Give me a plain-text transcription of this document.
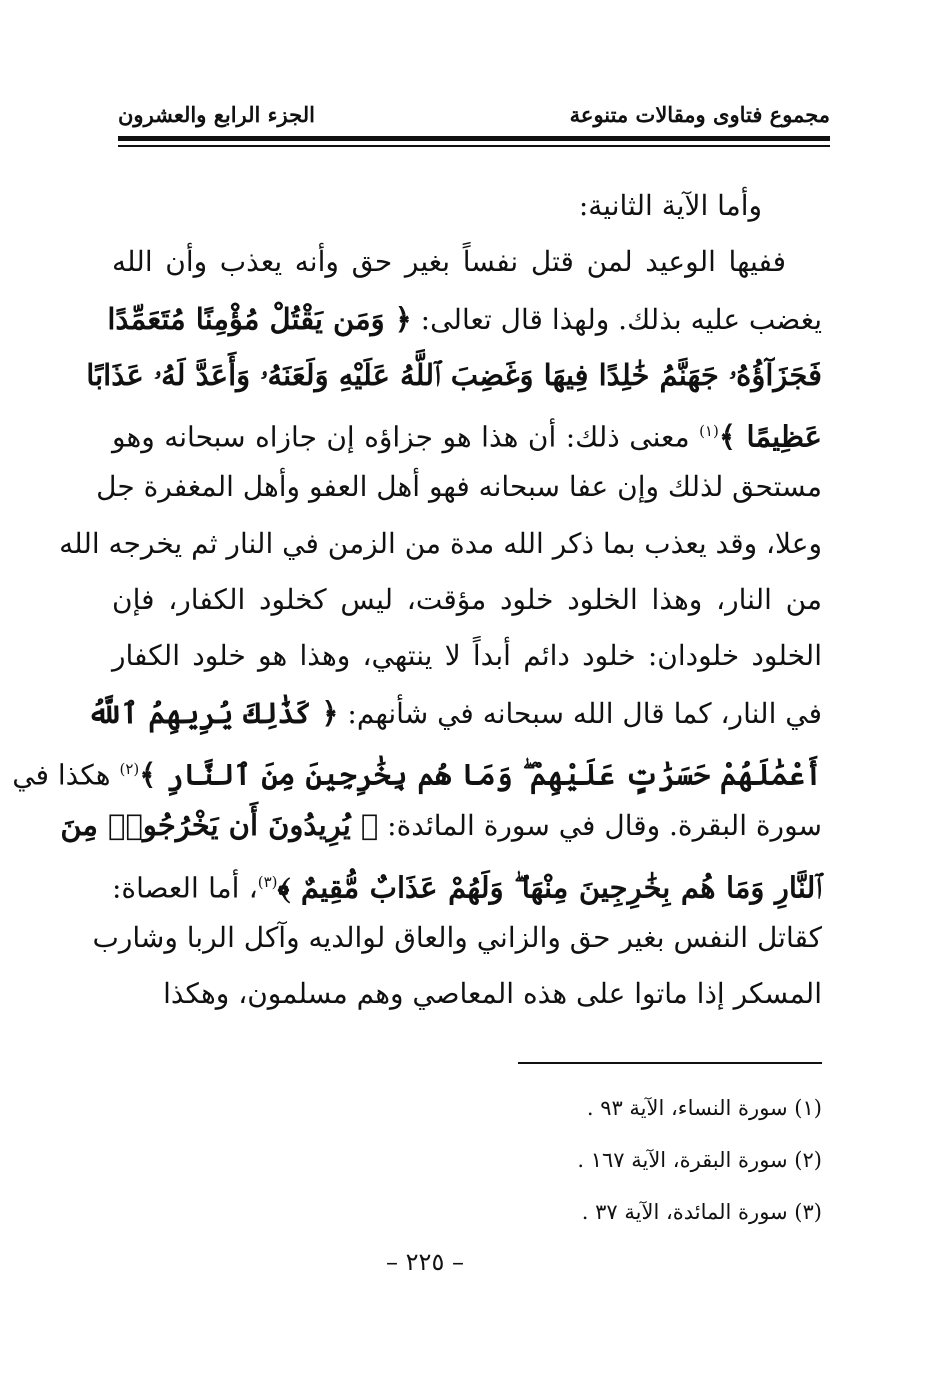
مجموع فتاوى ومقالات متنوعة
الجزء الرابع والعشرون
وأما الآية الثانية:
ففيها الوعيد لمن قتل نفساً بغير حق وأنه يعذب وأن الله
يغضب عليه بذلك. ولهذا قال تعالى: ﴿ وَمَن يَقْتُلْ مُؤْمِنًا مُتَعَمِّدًا
فَجَزَآؤُهُۥ جَهَنَّمُ خَٰلِدًا فِيهَا وَغَضِبَ ٱللَّهُ عَلَيْهِ وَلَعَنَهُۥ وَأَعَدَّ لَهُۥ عَذَابًا
عَظِيمًا ﴾$^{(١)}$ معنى ذلك: أن هذا هو جزاؤه إن جازاه سبحانه وهو
مستحق لذلك وإن عفا سبحانه فهو أهل العفو وأهل المغفرة جل
وعلا، وقد يعذب بما ذكر الله مدة من الزمن في النار ثم يخرجه الله
من النار، وهذا الخلود خلود مؤقت، ليس كخلود الكفار، فإن
الخلود خلودان: خلود دائم أبداً لا ينتهي، وهذا هو خلود الكفار
في النار، كما قال الله سبحانه في شأنهم: ﴿ كَذَٰلِكَ يُرِيهِمُ ٱللَّهُ
أَعْمَٰلَهُمْ حَسَرَٰتٍ عَلَيْهِمْ ۖ وَمَا هُم بِخَٰرِجِينَ مِنَ ٱلنَّارِ ﴾$^{(٢)}$ هكذا في
سورة البقرة. وقال في سورة المائدة: ﴿ يُرِيدُونَ أَن يَخْرُجُوا۟ مِنَ
ٱلنَّارِ وَمَا هُم بِخَٰرِجِينَ مِنْهَا ۖ وَلَهُمْ عَذَابٌ مُّقِيمٌ ﴾$^{(٣)}$، أما العصاة:
كقاتل النفس بغير حق والزاني والعاق لوالديه وآكل الربا وشارب
المسكر إذا ماتوا على هذه المعاصي وهم مسلمون، وهكذا
(١) سورة النساء، الآية ٩٣ .
(٢) سورة البقرة، الآية ١٦٧ .
(٣) سورة المائدة، الآية ٣٧ .
– ٢٢٥ –
